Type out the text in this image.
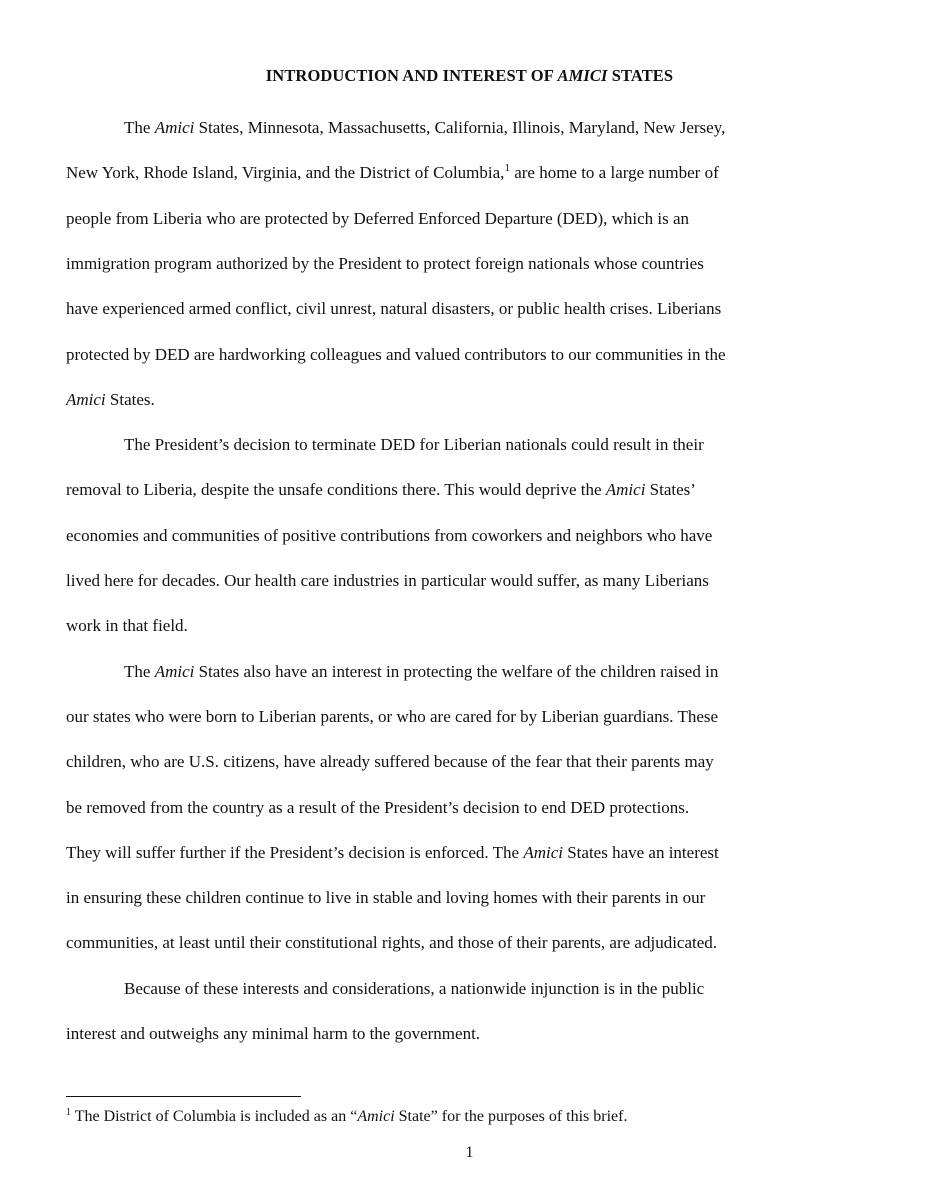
INTRODUCTION AND INTEREST OF AMICI STATES
The Amici States, Minnesota, Massachusetts, California, Illinois, Maryland, New Jersey,
New York, Rhode Island, Virginia, and the District of Columbia,$^1$ are home to a large number of
people from Liberia who are protected by Deferred Enforced Departure (DED), which is an
immigration program authorized by the President to protect foreign nationals whose countries
have experienced armed conflict, civil unrest, natural disasters, or public health crises. Liberians
protected by DED are hardworking colleagues and valued contributors to our communities in the
Amici States.
The President’s decision to terminate DED for Liberian nationals could result in their
removal to Liberia, despite the unsafe conditions there. This would deprive the Amici States’
economies and communities of positive contributions from coworkers and neighbors who have
lived here for decades. Our health care industries in particular would suffer, as many Liberians
work in that field.
The Amici States also have an interest in protecting the welfare of the children raised in
our states who were born to Liberian parents, or who are cared for by Liberian guardians. These
children, who are U.S. citizens, have already suffered because of the fear that their parents may
be removed from the country as a result of the President’s decision to end DED protections.
They will suffer further if the President’s decision is enforced. The Amici States have an interest
in ensuring these children continue to live in stable and loving homes with their parents in our
communities, at least until their constitutional rights, and those of their parents, are adjudicated.
Because of these interests and considerations, a nationwide injunction is in the public
interest and outweighs any minimal harm to the government.
$^1$ The District of Columbia is included as an “Amici State” for the purposes of this brief.
1
